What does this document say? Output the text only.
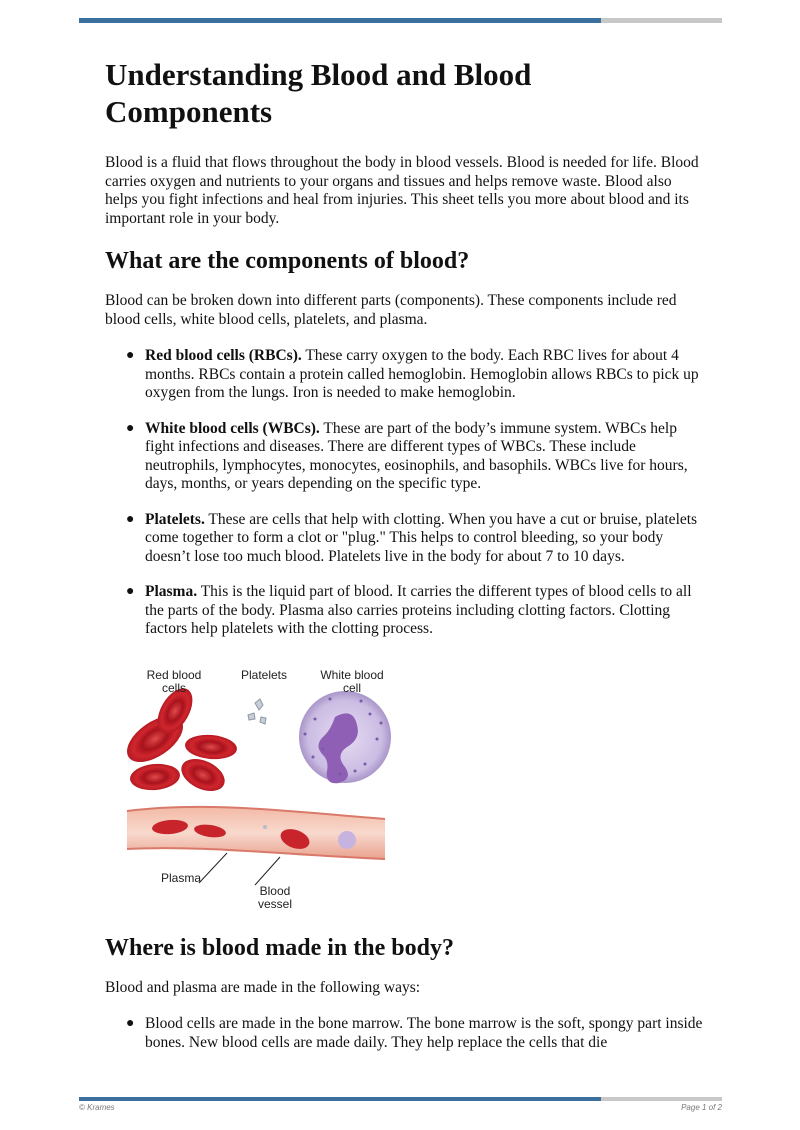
Understanding Blood and Blood Components

Blood is a fluid that flows throughout the body in blood vessels. Blood is needed for life. Blood carries oxygen and nutrients to your organs and tissues and helps remove waste. Blood also helps you fight infections and heal from injuries. This sheet tells you more about blood and its important role in your body.

What are the components of blood?

Blood can be broken down into different parts (components). These components include red blood cells, white blood cells, platelets, and plasma.

● Red blood cells (RBCs). These carry oxygen to the body. Each RBC lives for about 4 months. RBCs contain a protein called hemoglobin. Hemoglobin allows RBCs to pick up oxygen from the lungs. Iron is needed to make hemoglobin.
● White blood cells (WBCs). These are part of the body’s immune system. WBCs help fight infections and diseases. There are different types of WBCs. These include neutrophils, lymphocytes, monocytes, eosinophils, and basophils. WBCs live for hours, days, months, or years depending on the specific type.
● Platelets. These are cells that help with clotting. When you have a cut or bruise, platelets come together to form a clot or "plug." This helps to control bleeding, so your body doesn’t lose too much blood. Platelets live in the body for about 7 to 10 days.
● Plasma. This is the liquid part of blood. It carries the different types of blood cells to all the parts of the body. Plasma also carries proteins including clotting factors. Clotting factors help platelets with the clotting process.
Red blood
cells
Platelets	White blood
cell
Plasma
Blood
vessel
Where is blood made in the body?

Blood and plasma are made in the following ways:

● Blood cells are made in the bone marrow. The bone marrow is the soft, spongy part inside bones. New blood cells are made daily. They help replace the cells that die
© Krames	Page 1 of 2
